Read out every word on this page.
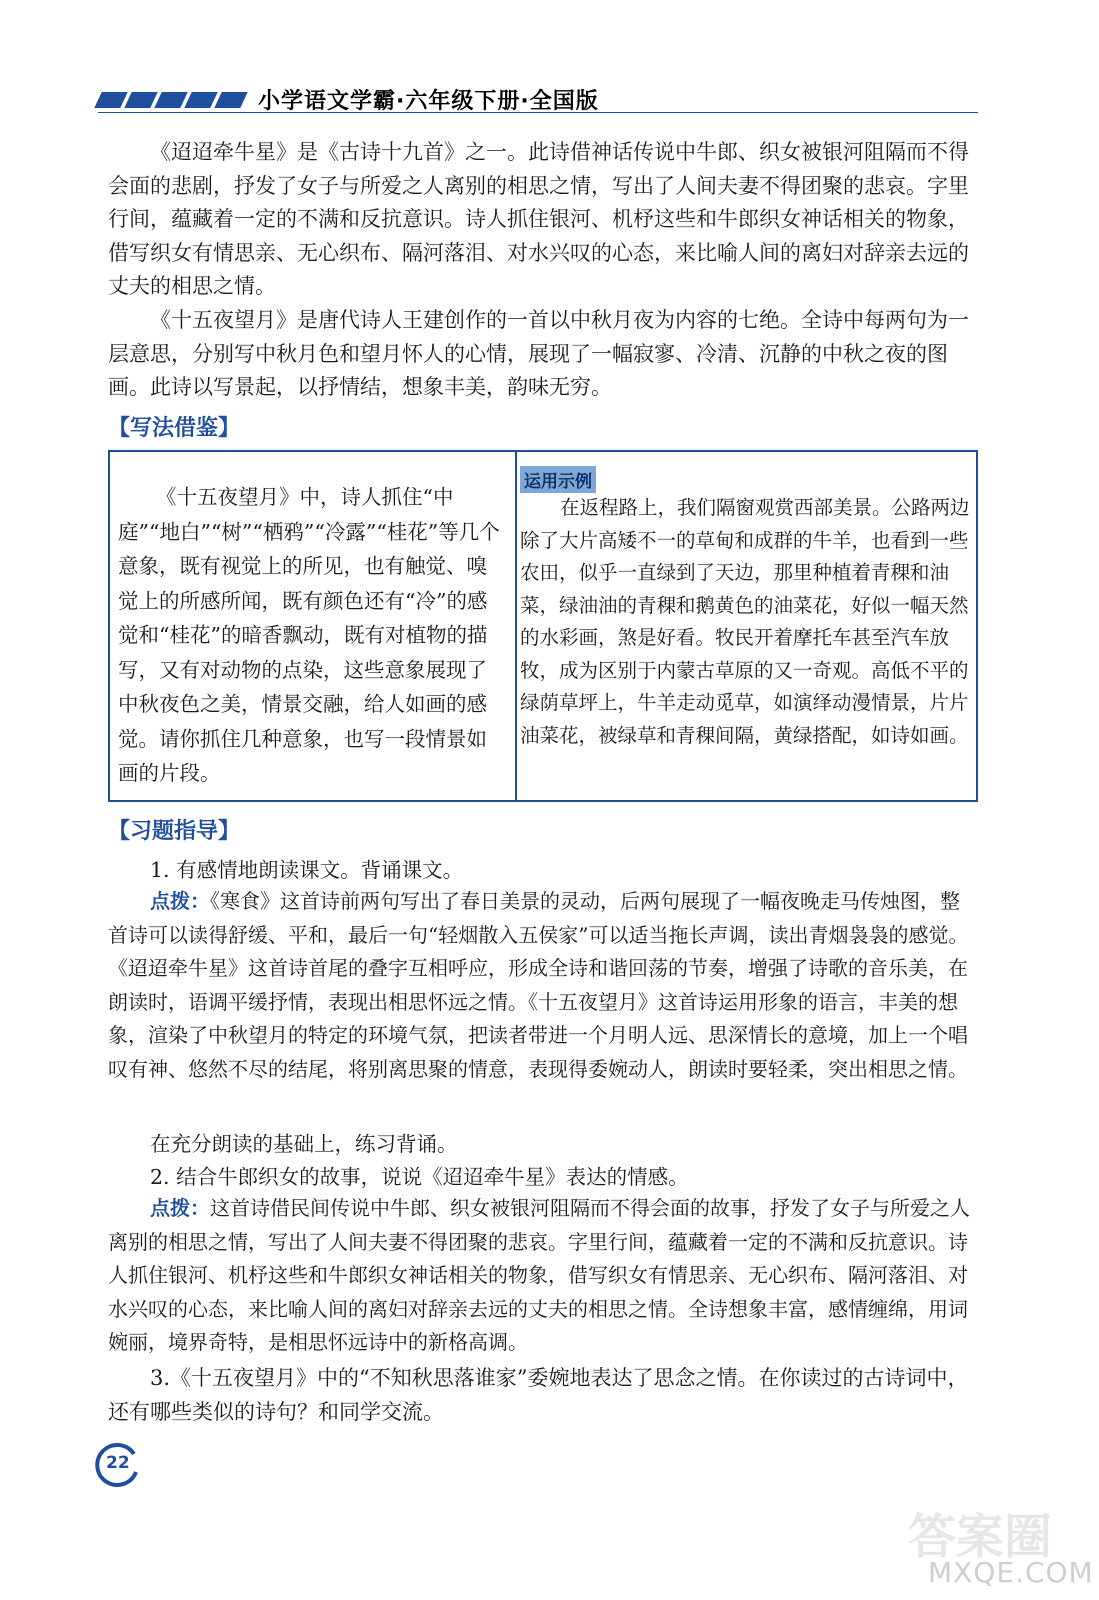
小学语文学霸·六年级下册·全国版

《迢迢牵牛星》是《古诗十九首》之一。此诗借神话传说中牛郎、织女被银河阻隔而不得会面的悲剧，抒发了女子与所爱之人离别的相思之情，写出了人间夫妻不得团聚的悲哀。字里行间，蕴藏着一定的不满和反抗意识。诗人抓住银河、机杼这些和牛郎织女神话相关的物象，借写织女有情思亲、无心织布、隔河落泪、对水兴叹的心态，来比喻人间的离妇对辞亲去远的丈夫的相思之情。

《十五夜望月》是唐代诗人王建创作的一首以中秋月夜为内容的七绝。全诗中每两句为一层意思，分别写中秋月色和望月怀人的心情，展现了一幅寂寥、冷清、沉静的中秋之夜的图画。此诗以写景起，以抒情结，想象丰美，韵味无穷。

【写法借鉴】

《十五夜望月》中，诗人抓住“中庭”“地白”“树”“栖鸦”“冷露”“桂花”等几个意象，既有视觉上的所见，也有触觉、嗅觉上的所感所闻，既有颜色还有“冷”的感觉和“桂花”的暗香飘动，既有对植物的描写，又有对动物的点染，这些意象展现了中秋夜色之美，情景交融，给人如画的感觉。请你抓住几种意象，也写一段情景如画的片段。

运用示例

在返程路上，我们隔窗观赏西部美景。公路两边除了大片高矮不一的草甸和成群的牛羊，也看到一些农田，似乎一直绿到了天边，那里种植着青稞和油菜，绿油油的青稞和鹅黄色的油菜花，好似一幅天然的水彩画，煞是好看。牧民开着摩托车甚至汽车放牧，成为区别于内蒙古草原的又一奇观。高低不平的绿荫草坪上，牛羊走动觅草，如演绎动漫情景，片片油菜花，被绿草和青稞间隔，黄绿搭配，如诗如画。

【习题指导】
1. 有感情地朗读课文。背诵课文。

点拨：《寒食》这首诗前两句写出了春日美景的灵动，后两句展现了一幅夜晚走马传烛图，整首诗可以读得舒缓、平和，最后一句“轻烟散入五侯家”可以适当拖长声调，读出青烟袅袅的感觉。《迢迢牵牛星》这首诗首尾的叠字互相呼应，形成全诗和谐回荡的节奏，增强了诗歌的音乐美，在朗读时，语调平缓抒情，表现出相思怀远之情。《十五夜望月》这首诗运用形象的语言，丰美的想象，渲染了中秋望月的特定的环境气氛，把读者带进一个月明人远、思深情长的意境，加上一个唱叹有神、悠然不尽的结尾，将别离思聚的情意，表现得委婉动人，朗读时要轻柔，突出相思之情。

在充分朗读的基础上，练习背诵。
2. 结合牛郎织女的故事，说说《迢迢牵牛星》表达的情感。

点拨：这首诗借民间传说中牛郎、织女被银河阻隔而不得会面的故事，抒发了女子与所爱之人离别的相思之情，写出了人间夫妻不得团聚的悲哀。字里行间，蕴藏着一定的不满和反抗意识。诗人抓住银河、机杼这些和牛郎织女神话相关的物象，借写织女有情思亲、无心织布、隔河落泪、对水兴叹的心态，来比喻人间的离妇对辞亲去远的丈夫的相思之情。全诗想象丰富，感情缠绵，用词婉丽，境界奇特，是相思怀远诗中的新格高调。

3.《十五夜望月》中的“不知秋思落谁家”委婉地表达了思念之情。在你读过的古诗词中，还有哪些类似的诗句？和同学交流。

22
答案圈
MXQE.COM
